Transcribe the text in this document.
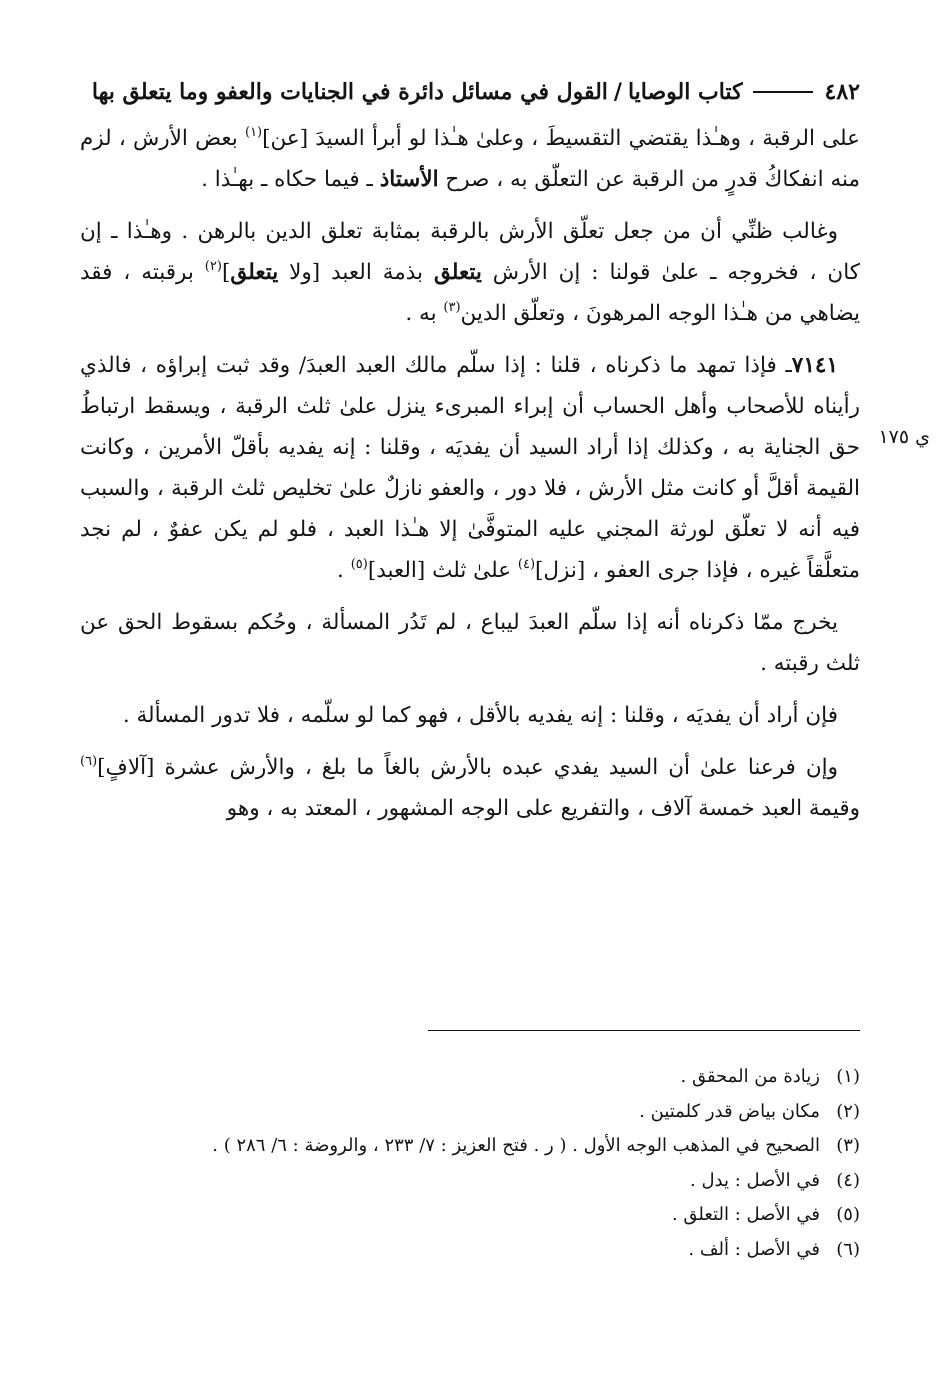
٤٨٢
كتاب الوصايا
/
القول في مسائل دائرة في الجنايات والعفو وما يتعلق بها
ي ١٧٥

على الرقبة ، وهـٰذا يقتضي التقسيطَ ، وعلىٰ هـٰذا لو أبرأ السيدَ [عن]$^{(١)}$ بعض الأرش ، لزم منه انفكاكُ قدرٍ من الرقبة عن التعلّق به ، صرح الأستاذ ـ فيما حكاه ـ بهـٰذا .

وغالب ظنِّي أن من جعل تعلّق الأرش بالرقبة بمثابة تعلق الدين بالرهن . وهـٰذا ـ إن كان ، فخروجه ـ علىٰ قولنا : إن الأرش يتعلق بذمة العبد [ولا يتعلق]$^{(٢)}$ برقبته ، فقد يضاهي من هـٰذا الوجه المرهونَ ، وتعلّق الدين$^{(٣)}$ به .

٧١٤١ـ فإذا تمهد ما ذكرناه ، قلنا : إذا سلّم مالك العبد العبدَ/ وقد ثبت إبراؤه ، فالذي رأيناه للأصحاب وأهل الحساب أن إبراء المبرىء ينزل علىٰ ثلث الرقبة ، ويسقط ارتباطُ حق الجناية به ، وكذلك إذا أراد السيد أن يفديَه ، وقلنا : إنه يفديه بأقلّ الأمرين ، وكانت القيمة أقلَّ أو كانت مثل الأرش ، فلا دور ، والعفو نازلٌ علىٰ تخليص ثلث الرقبة ، والسبب فيه أنه لا تعلّق لورثة المجني عليه المتوفَّىٰ إلا هـٰذا العبد ، فلو لم يكن عفوٌ ، لم نجد متعلَّقاً غيره ، فإذا جرى العفو ، [نزل]$^{(٤)}$ علىٰ ثلث [العبد]$^{(٥)}$ .

يخرج ممّا ذكرناه أنه إذا سلّم العبدَ ليباع ، لم تَدُر المسألة ، وحُكم بسقوط الحق عن ثلث رقبته .

فإن أراد أن يفديَه ، وقلنا : إنه يفديه بالأقل ، فهو كما لو سلّمه ، فلا تدور المسألة .

وإن فرعنا علىٰ أن السيد يفدي عبده بالأرش بالغاً ما بلغ ، والأرش عشرة [آلافٍ]$^{(٦)}$ وقيمة العبد خمسة آلاف ، والتفريع على الوجه المشهور ، المعتد به ، وهو

(١)
زيادة من المحقق .
(٢)
مكان بياض قدر كلمتين .
(٣)
الصحيح في المذهب الوجه الأول . ( ر . فتح العزيز : ٧/ ٢٣٣ ، والروضة : ٦/ ٢٨٦ ) .
(٤)
في الأصل : يدل .
(٥)
في الأصل : التعلق .
(٦)
في الأصل : ألف .
